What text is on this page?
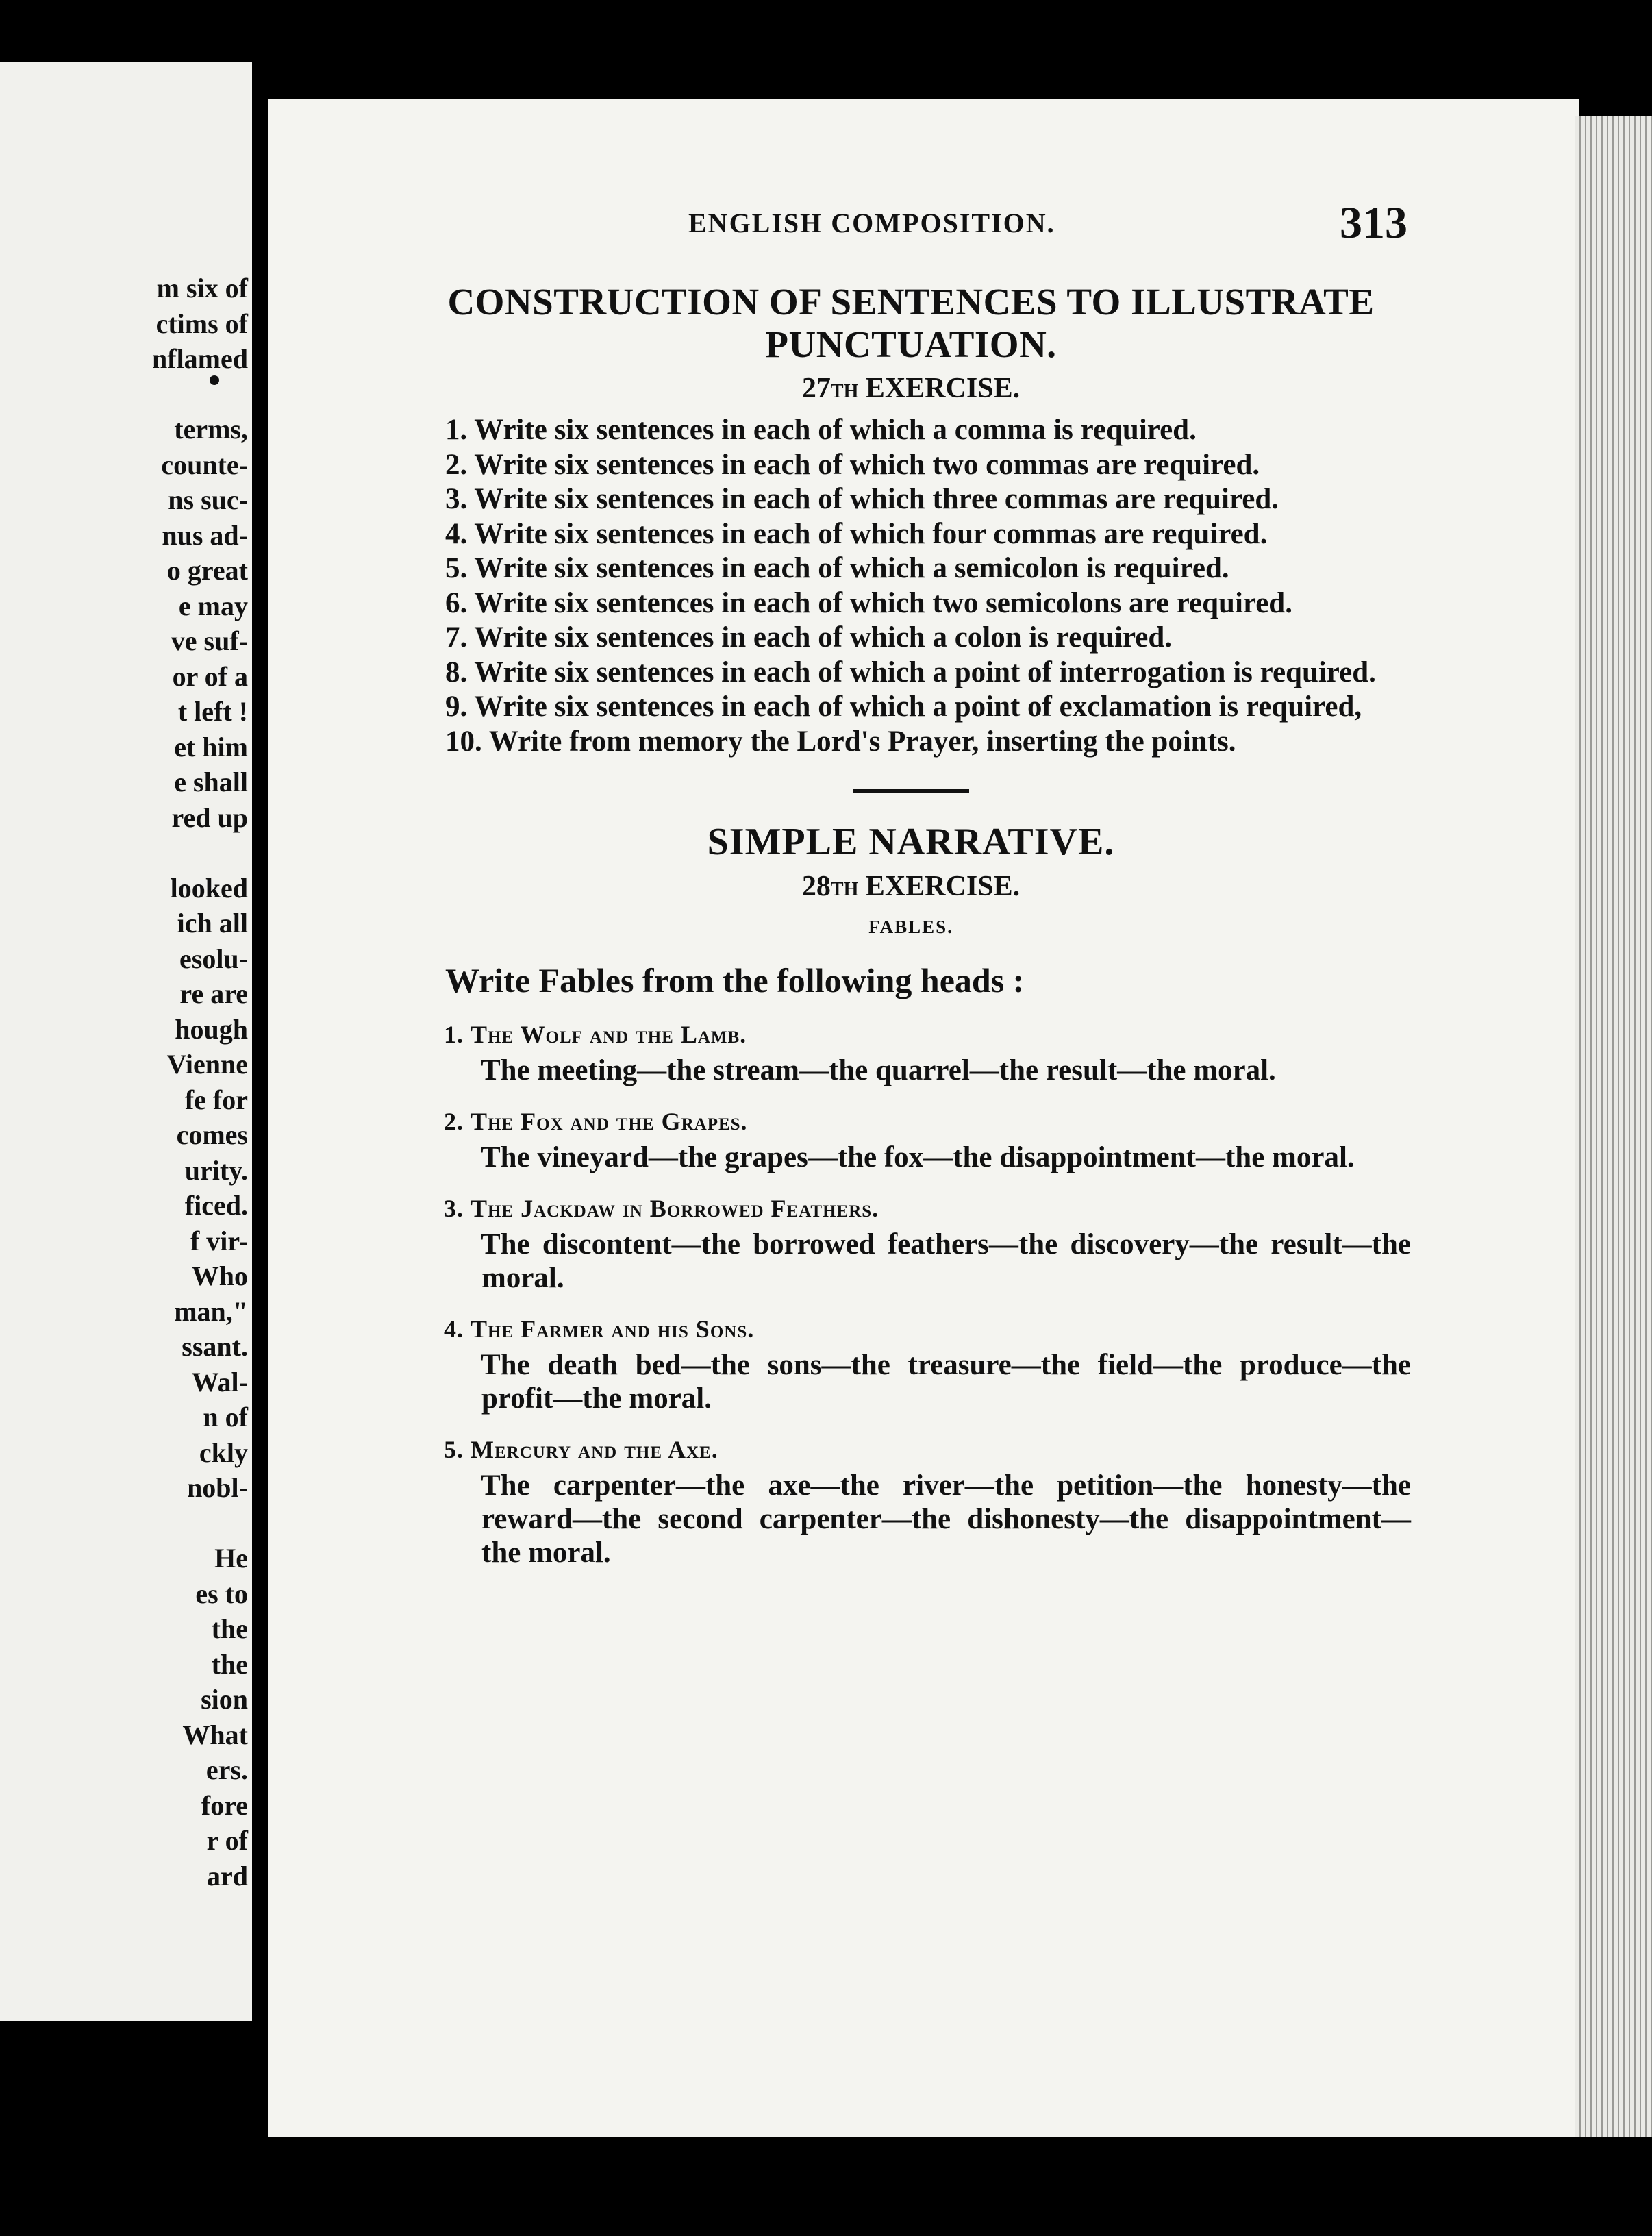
m six of
ctims of
nflamed
terms,
counte-
ns suc-
nus ad-
o great
e may
ve suf-
or of a
t left !
et him
e shall
red up
looked
ich all
esolu-
re are
hough
Vienne
fe for
comes
urity.
ficed.
f vir-
Who
man,"
ssant.
Wal-
n of
ckly
nobl-
He
es to
the
the
sion
What
ers.
fore
r of
ard
ENGLISH COMPOSITION.	313
CONSTRUCTION OF SENTENCES TO ILLUSTRATE PUNCTUATION.
27TH EXERCISE.
1. Write six sentences in each of which a comma is required.
2. Write six sentences in each of which two commas are required.
3. Write six sentences in each of which three commas are required.
4. Write six sentences in each of which four commas are required.
5. Write six sentences in each of which a semicolon is required.
6. Write six sentences in each of which two semicolons are required.
7. Write six sentences in each of which a colon is required.
8. Write six sentences in each of which a point of interrogation is required.
9. Write six sentences in each of which a point of exclamation is required,
10. Write from memory the Lord's Prayer, inserting the points.
SIMPLE NARRATIVE.
28TH EXERCISE.
FABLES.
Write Fables from the following heads :
1. The Wolf and the Lamb.
The meeting—the stream—the quarrel—the result—the moral.
2. The Fox and the Grapes.
The vineyard—the grapes—the fox—the disappointment—the moral.
3. The Jackdaw in Borrowed Feathers.
The discontent—the borrowed feathers—the discovery—the result—the moral.
4. The Farmer and his Sons.
The death bed—the sons—the treasure—the field—the produce—the profit—the moral.
5. Mercury and the Axe.
The carpenter—the axe—the river—the petition—the honesty—the reward—the second carpenter—the dishonesty—the disappointment—the moral.
